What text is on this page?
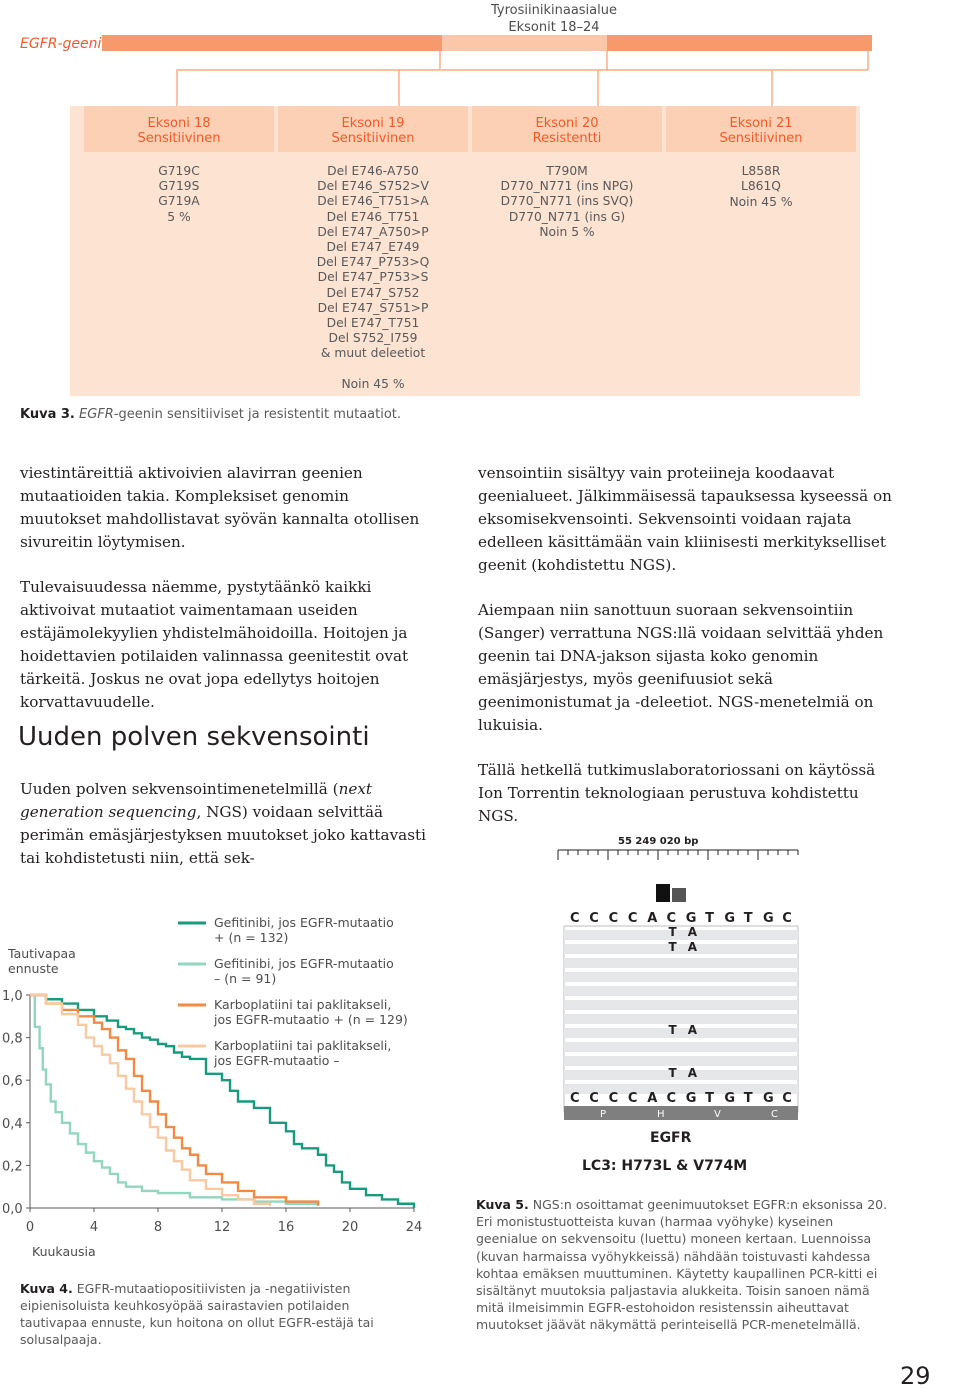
Tyrosiinikinaasialue
Eksonit 18–24
EGFR-geeni
Eksoni 18
Sensitiivinen
G719C
G719S
G719A
5 %
Eksoni 19
Sensitiivinen
Del E746-A750
Del E746_S752>V
Del E746_T751>A
Del E746_T751
Del E747_A750>P
Del E747_E749
Del E747_P753>Q
Del E747_P753>S
Del E747_S752
Del E747_S751>P
Del E747_T751
Del S752_I759
& muut deleetiot
Noin 45 %
Eksoni 20
Resistentti
T790M
D770_N771 (ins NPG)
D770_N771 (ins SVQ)
D770_N771 (ins G)
Noin 5 %
Eksoni 21
Sensitiivinen
L858R
L861Q
Noin 45 %
Kuva 3. EGFR-geenin sensitiiviset ja resistentit mutaatiot.

viestintäreittiä aktivoivien alavirran geenien mutaatioiden takia. Kompleksiset genomin muutokset mahdollistavat syövän kannalta otollisen sivureitin löytymisen.

Tulevaisuudessa näemme, pystytäänkö kaikki aktivoivat mutaatiot vaimentamaan useiden estäjämolekyylien yhdistelmähoidoilla. Hoitojen ja hoidettavien potilaiden valinnassa geenitestit ovat tärkeitä. Joskus ne ovat jopa edellytys hoitojen korvattavuudelle.

Uuden polven sekvensointi

Uuden polven sekvensointimenetelmillä (next generation sequencing, NGS) voidaan selvittää perimän emäsjärjestyksen muutokset joko kattavasti tai kohdistetusti niin, että sek-

vensointiin sisältyy vain proteiineja koodaavat geenialueet. Jälkimmäisessä tapauksessa kyseessä on eksomisekvensointi. Sekvensointi voidaan rajata edelleen käsittämään vain kliinisesti merkitykselliset geenit (kohdistettu NGS).

Aiempaan niin sanottuun suoraan sekvensointiin (Sanger) verrattuna NGS:llä voidaan selvittää yhden geenin tai DNA-jakson sijasta koko genomin emäsjärjestys, myös geenifuusiot sekä geenimonistumat ja -deleetiot. NGS-menetelmiä on lukuisia.

Tällä hetkellä tutkimuslaboratoriossani on käytössä Ion Torrentin teknologiaan perustuva kohdistettu NGS.

Tautivapaa
ennuste
0,0
0,2
0,4
0,6
0,8
1,0
0	4	8	12	16	20	24
Gefitinibi, jos EGFR-mutaatio
+ (n = 132)
Gefitinibi, jos EGFR-mutaatio
– (n = 91)
Karboplatiini tai paklitakseli,
jos EGFR-mutaatio + (n = 129)
Karboplatiini tai paklitakseli,
jos EGFR-mutaatio –
Kuukausia
Kuva 4. EGFR-mutaatiopositiivisten ja -negatiivisten eipienisoluista keuhkosyöpää sairastavien potilaiden tautivapaa ennuste, kun hoitona on ollut EGFR-estäjä tai solusalpaaja.
55 249 020 bp
C C C C A C G T G T G C
T A
T A
T A
T A
C C C C A C G T G T G C
P	H	V	C
EGFR
LC3: H773L & V774M
Kuva 5. NGS:n osoittamat geenimuutokset EGFR:n eksonissa 20. Eri monistustuotteista kuvan (harmaa vyöhyke) kyseinen geenialue on sekvensoitu (luettu) moneen kertaan. Luennoissa (kuvan harmaissa vyöhykkeissä) nähdään toistuvasti kahdessa kohtaa emäksen muuttuminen. Käytetty kaupallinen PCR-kitti ei sisältänyt muutoksia paljastavia alukkeita. Toisin sanoen nämä mitä ilmeisimmin EGFR-estohoidon resistenssin aiheuttavat muutokset jäävät näkymättä perinteisellä PCR-menetelmällä.
29
